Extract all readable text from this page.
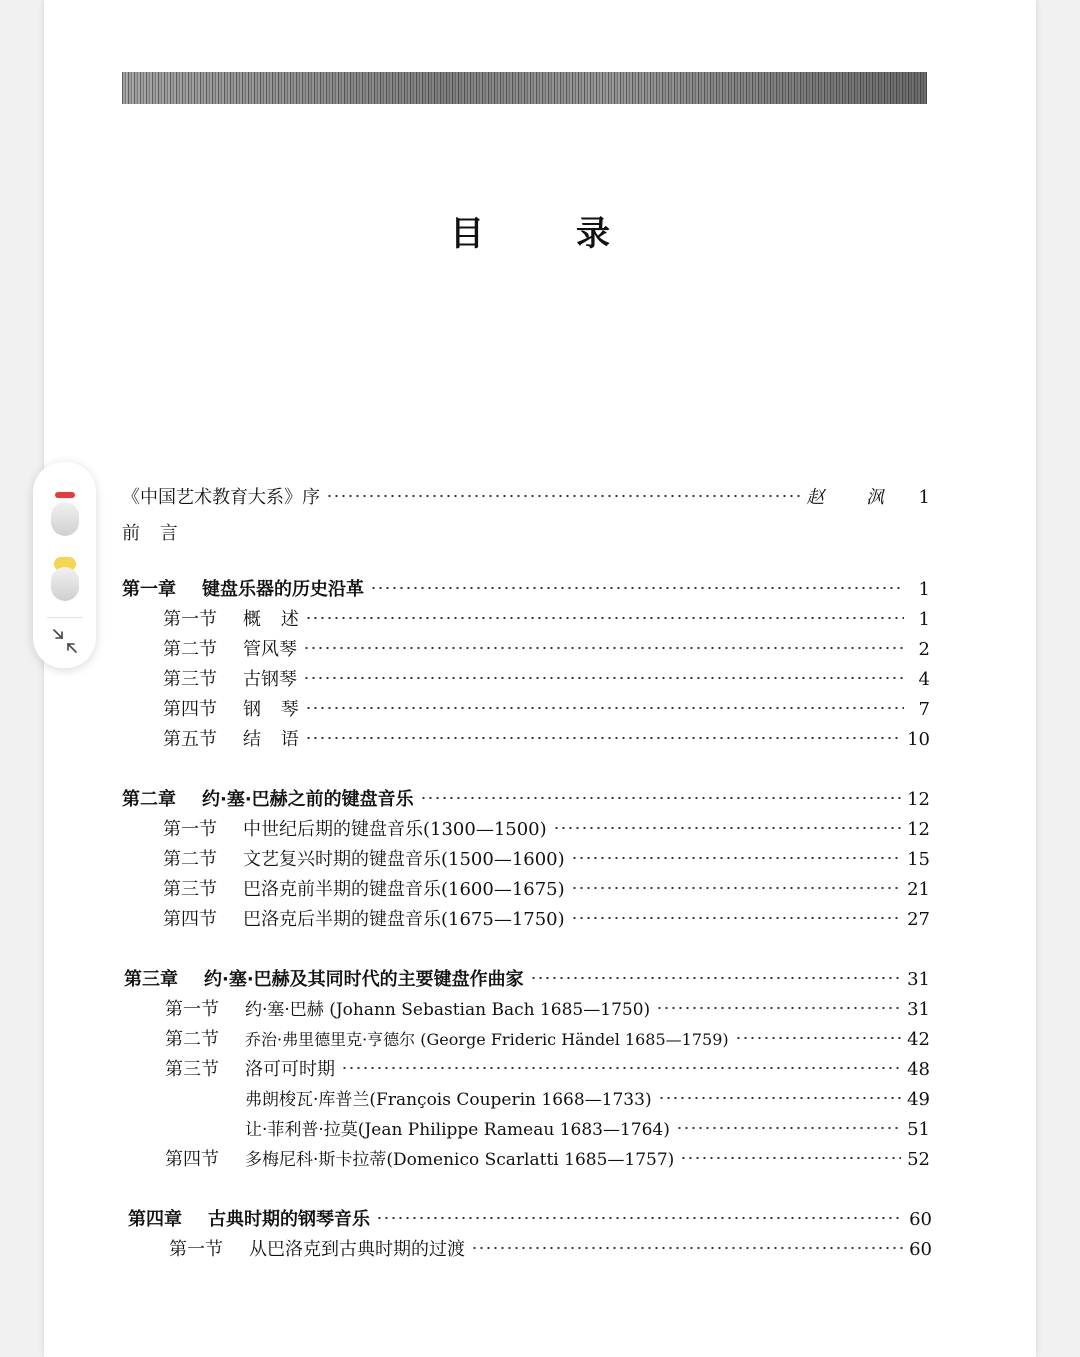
目	录
《中国艺术教育大系》序	赵 沨 1
前 言
第一章	键盘乐器的历史沿革	1
第一节	概 述	1
第二节	管风琴	2
第三节	古钢琴	4
第四节	钢 琴	7
第五节	结 语	10
第二章	约·塞·巴赫之前的键盘音乐	12
第一节	中世纪后期的键盘音乐(1300—1500)	12
第二节	文艺复兴时期的键盘音乐(1500—1600)	15
第三节	巴洛克前半期的键盘音乐(1600—1675)	21
第四节	巴洛克后半期的键盘音乐(1675—1750)	27
第三章	约·塞·巴赫及其同时代的主要键盘作曲家	31
第一节	约·塞·巴赫 (Johann Sebastian Bach 1685—1750)	31
第二节	乔治·弗里德里克·亨德尔 (George Frideric Händel 1685—1759)	42
第三节	洛可可时期	48
弗朗梭瓦·库普兰(François Couperin 1668—1733)	49
让·菲利普·拉莫(Jean Philippe Rameau 1683—1764)	51
第四节	多梅尼科·斯卡拉蒂(Domenico Scarlatti 1685—1757)	52
第四章	古典时期的钢琴音乐	60
第一节	从巴洛克到古典时期的过渡	60
